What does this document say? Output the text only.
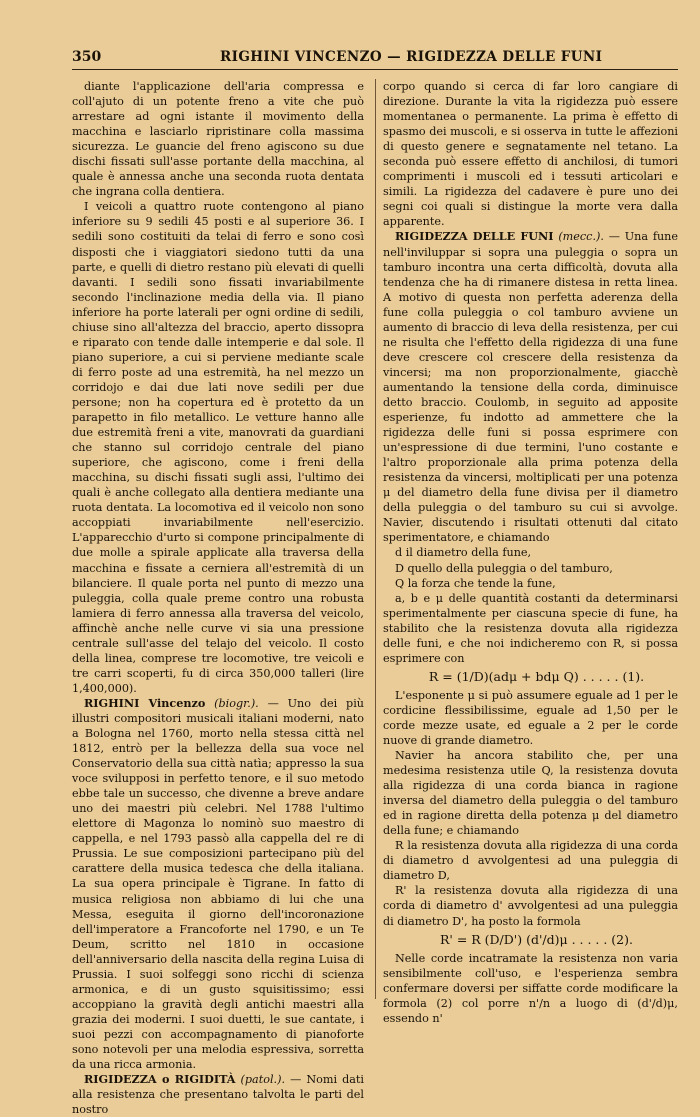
350	RIGHINI VINCENZO — RIGIDEZZA DELLE FUNI

diante l'applicazione dell'aria compressa e coll'ajuto di un potente freno a vite che può arrestare ad ogni istante il movimento della macchina e lasciarlo ripristinare colla massima sicurezza. Le guancie del freno agiscono su due dischi fissati sull'asse portante della macchina, al quale è annessa anche una seconda ruota dentata che ingrana colla dentiera.

I veicoli a quattro ruote contengono al piano inferiore su 9 sedili 45 posti e al superiore 36. I sedili sono costituiti da telai di ferro e sono così disposti che i viaggiatori siedono tutti da una parte, e quelli di dietro restano più elevati di quelli davanti. I sedili sono fissati invariabilmente secondo l'inclinazione media della via. Il piano inferiore ha porte laterali per ogni ordine di sedili, chiuse sino all'altezza del braccio, aperto dissopra e riparato con tende dalle intemperie e dal sole. Il piano superiore, a cui si perviene mediante scale di ferro poste ad una estremità, ha nel mezzo un corridojo e dai due lati nove sedili per due persone; non ha copertura ed è protetto da un parapetto in filo metallico. Le vetture hanno alle due estremità freni a vite, manovrati da guardiani che stanno sul corridojo centrale del piano superiore, che agiscono, come i freni della macchina, su dischi fissati sugli assi, l'ultimo dei quali è anche collegato alla dentiera mediante una ruota dentata. La locomotiva ed il veicolo non sono accoppiati invariabilmente nell'esercizio. L'apparecchio d'urto si compone principalmente di due molle a spirale applicate alla traversa della macchina e fissate a cerniera all'estremità di un bilanciere. Il quale porta nel punto di mezzo una puleggia, colla quale preme contro una robusta lamiera di ferro annessa alla traversa del veicolo, affinchè anche nelle curve vi sia una pressione centrale sull'asse del telajo del veicolo. Il costo della linea, comprese tre locomotive, tre veicoli e tre carri scoperti, fu di circa 350,000 talleri (lire 1,400,000).

RIGHINI Vincenzo (biogr.). — Uno dei più illustri compositori musicali italiani moderni, nato a Bologna nel 1760, morto nella stessa città nel 1812, entrò per la bellezza della sua voce nel Conservatorio della sua città natìa; appresso la sua voce svilupposi in perfetto tenore, e il suo metodo ebbe tale un successo, che divenne a breve andare uno dei maestri più celebri. Nel 1788 l'ultimo elettore di Magonza lo nominò suo maestro di cappella, e nel 1793 passò alla cappella del re di Prussia. Le sue composizioni partecipano più del carattere della musica tedesca che della italiana. La sua opera principale è Tigrane. In fatto di musica religiosa non abbiamo di lui che una Messa, eseguita il giorno dell'incoronazione dell'imperatore a Francoforte nel 1790, e un Te Deum, scritto nel 1810 in occasione dell'anniversario della nascita della regina Luisa di Prussia. I suoi solfeggi sono ricchi di scienza armonica, e di un gusto squisitissimo; essi accoppiano la gravità degli antichi maestri alla grazia dei moderni. I suoi duetti, le sue cantate, i suoi pezzi con accompagnamento di pianoforte sono notevoli per una melodia espressiva, sorretta da una ricca armonia.

RIGIDEZZA o RIGIDITÀ (patol.). — Nomi dati alla resistenza che presentano talvolta le parti del nostro

corpo quando si cerca di far loro cangiare di direzione. Durante la vita la rigidezza può essere momentanea o permanente. La prima è effetto di spasmo dei muscoli, e si osserva in tutte le affezioni di questo genere e segnatamente nel tetano. La seconda può essere effetto di anchilosi, di tumori comprimenti i muscoli ed i tessuti articolari e simili. La rigidezza del cadavere è pure uno dei segni coi quali si distingue la morte vera dalla apparente.

RIGIDEZZA DELLE FUNI (mecc.). — Una fune nell'inviluppar si sopra una puleggia o sopra un tamburo incontra una certa difficoltà, dovuta alla tendenza che ha di rimanere distesa in retta linea. A motivo di questa non perfetta aderenza della fune colla puleggia o col tamburo avviene un aumento di braccio di leva della resistenza, per cui ne risulta che l'effetto della rigidezza di una fune deve crescere col crescere della resistenza da vincersi; ma non proporzionalmente, giacchè aumentando la tensione della corda, diminuisce detto braccio. Coulomb, in seguito ad apposite esperienze, fu indotto ad ammettere che la rigidezza delle funi si possa esprimere con un'espressione di due termini, l'uno costante e l'altro proporzionale alla prima potenza della resistenza da vincersi, moltiplicati per una potenza μ del diametro della fune divisa per il diametro della puleggia o del tamburo su cui si avvolge. Navier, discutendo i risultati ottenuti dal citato sperimentatore, e chiamando

d il diametro della fune,

D quello della puleggia o del tamburo,

Q la forza che tende la fune,

a, b e μ delle quantità costanti da determinarsi sperimentalmente per ciascuna specie di fune, ha stabilito che la resistenza dovuta alla rigidezza delle funi, e che noi indicheremo con R, si possa esprimere con

R = (1/D)(adμ + bdμ Q) . . . . . (1).

L'esponente μ si può assumere eguale ad 1 per le cordicine flessibilissime, eguale ad 1,50 per le corde mezze usate, ed eguale a 2 per le corde nuove di grande diametro.

Navier ha ancora stabilito che, per una medesima resistenza utile Q, la resistenza dovuta alla rigidezza di una corda bianca in ragione inversa del diametro della puleggia o del tamburo ed in ragione diretta della potenza μ del diametro della fune; e chiamando

R la resistenza dovuta alla rigidezza di una corda di diametro d avvolgentesi ad una puleggia di diametro D,

R' la resistenza dovuta alla rigidezza di una corda di diametro d' avvolgentesi ad una puleggia di diametro D', ha posto la formola

R' = R (D/D') (d'/d)μ . . . . . (2).

Nelle corde incatramate la resistenza non varia sensibilmente coll'uso, e l'esperienza sembra confermare doversi per siffatte corde modificare la formola (2) col porre n'/n a luogo di (d'/d)μ, essendo n'
